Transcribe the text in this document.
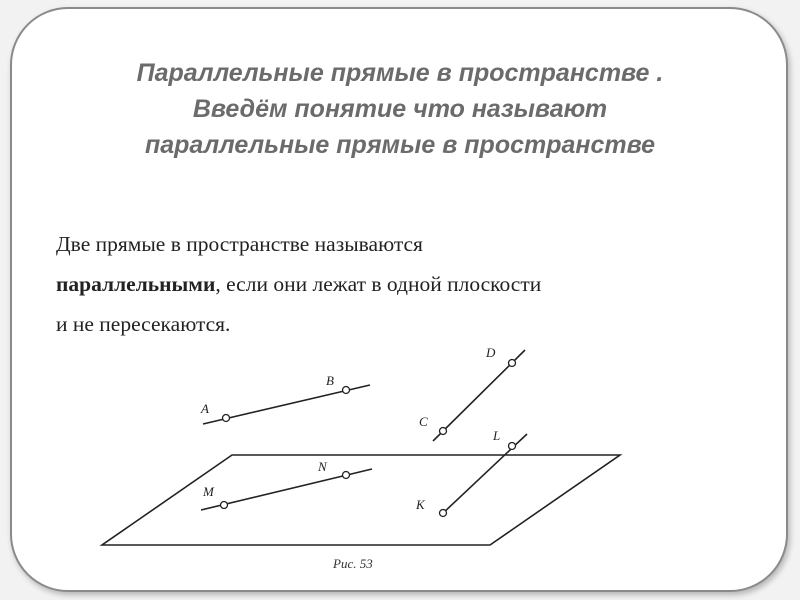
Параллельные прямые в пространстве .
Введём понятие что называют
параллельные прямые в пространстве
Две прямые в пространстве называются
параллельными, если они лежат в одной плоскости
и не пересекаются.
A
B
C
D
M
N
K
L
Рис. 53
